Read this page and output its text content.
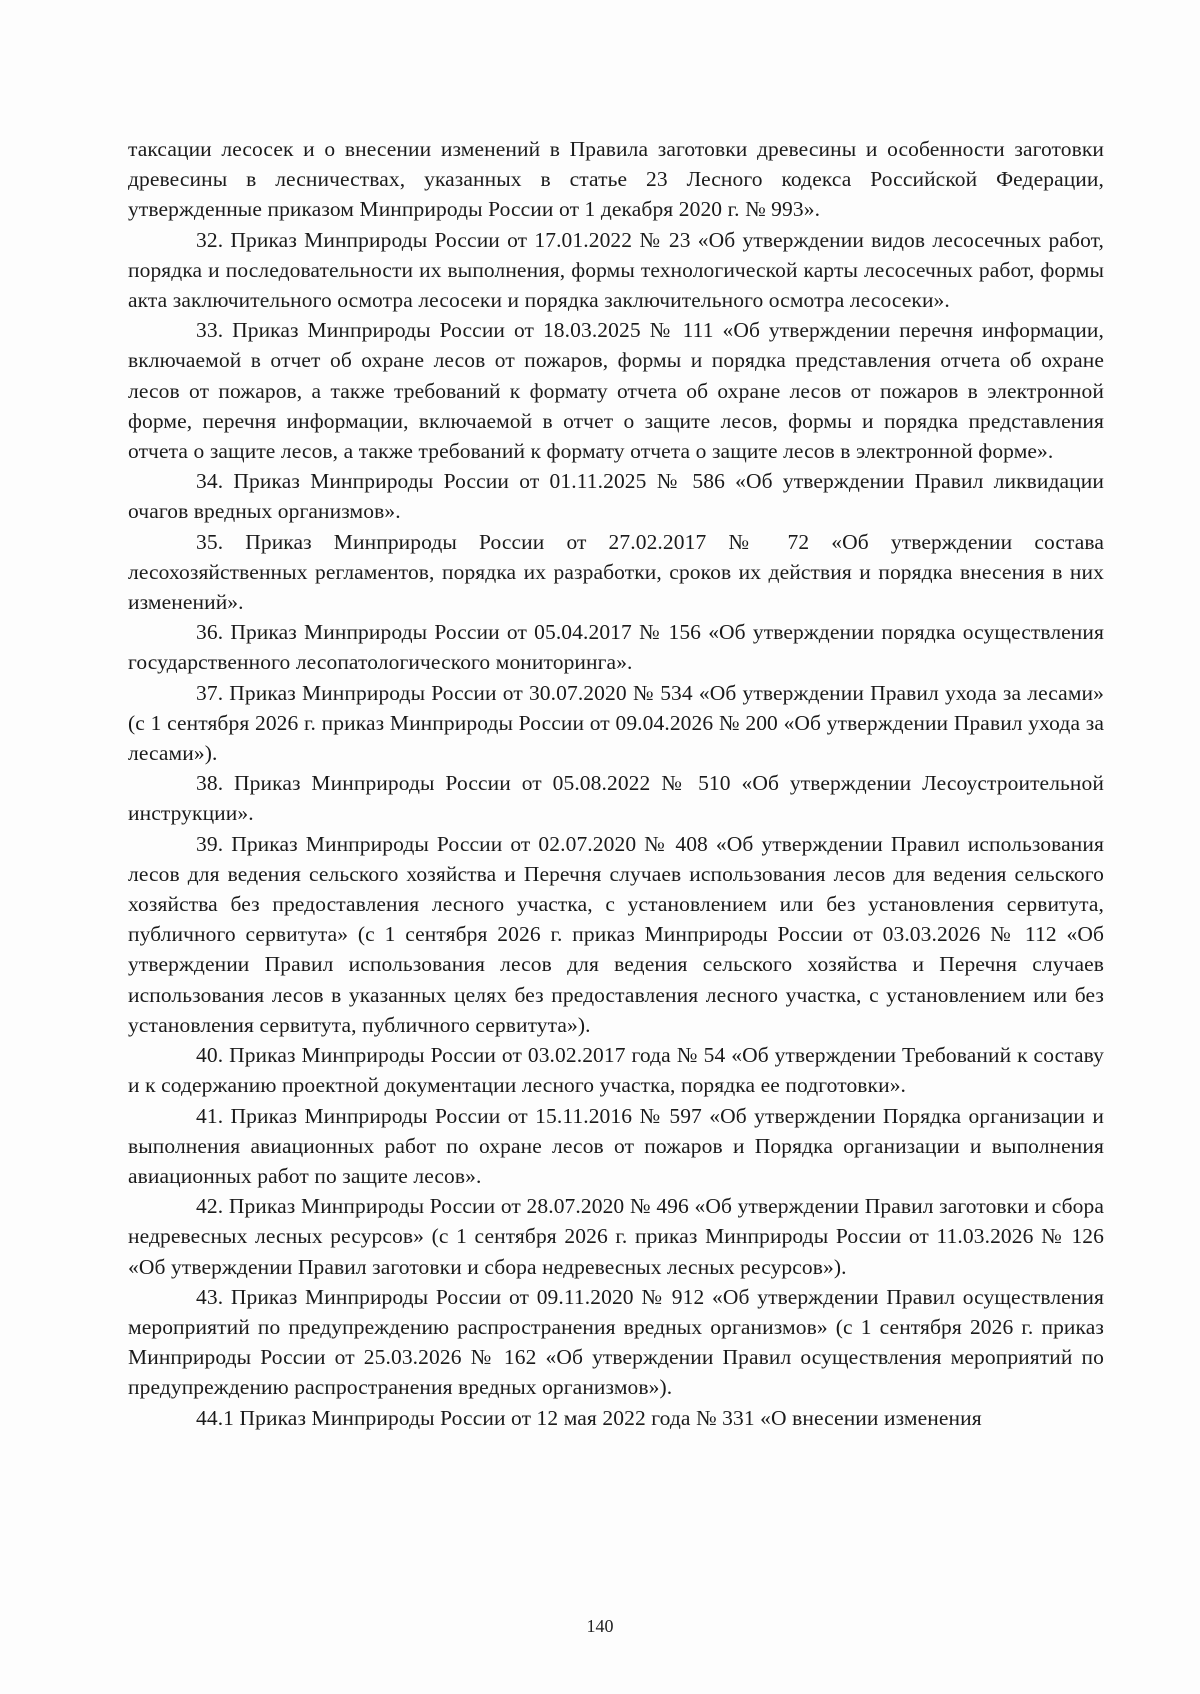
таксации лесосек и о внесении изменений в Правила заготовки древесины и особенности заготовки древесины в лесничествах, указанных в статье 23 Лесного кодекса Российской Федерации, утвержденные приказом Минприроды России от 1 декабря 2020 г. № 993».

32. Приказ Минприроды России от 17.01.2022 № 23 «Об утверждении видов лесосечных работ, порядка и последовательности их выполнения, формы технологической карты лесосечных работ, формы акта заключительного осмотра лесосеки и порядка заключительного осмотра лесосеки».

33. Приказ Минприроды России от 18.03.2025 № 111 «Об утверждении перечня информации, включаемой в отчет об охране лесов от пожаров, формы и порядка представления отчета об охране лесов от пожаров, а также требований к формату отчета об охране лесов от пожаров в электронной форме, перечня информации, включаемой в отчет о защите лесов, формы и порядка представления отчета о защите лесов, а также требований к формату отчета о защите лесов в электронной форме».

34. Приказ Минприроды России от 01.11.2025 № 586 «Об утверждении Правил ликвидации очагов вредных организмов».

35. Приказ Минприроды России от 27.02.2017 № 72 «Об утверждении состава лесохозяйственных регламентов, порядка их разработки, сроков их действия и порядка внесения в них изменений».

36. Приказ Минприроды России от 05.04.2017 № 156 «Об утверждении порядка осуществления государственного лесопатологического мониторинга».

37. Приказ Минприроды России от 30.07.2020 № 534 «Об утверждении Правил ухода за лесами» (с 1 сентября 2026 г. приказ Минприроды России от 09.04.2026 № 200 «Об утверждении Правил ухода за лесами»).

38. Приказ Минприроды России от 05.08.2022 № 510 «Об утверждении Лесоустроительной инструкции».

39. Приказ Минприроды России от 02.07.2020 № 408 «Об утверждении Правил использования лесов для ведения сельского хозяйства и Перечня случаев использования лесов для ведения сельского хозяйства без предоставления лесного участка, с установлением или без установления сервитута, публичного сервитута» (с 1 сентября 2026 г. приказ Минприроды России от 03.03.2026 № 112 «Об утверждении Правил использования лесов для ведения сельского хозяйства и Перечня случаев использования лесов в указанных целях без предоставления лесного участка, с установлением или без установления сервитута, публичного сервитута»).

40. Приказ Минприроды России от 03.02.2017 года № 54 «Об утверждении Требований к составу и к содержанию проектной документации лесного участка, порядка ее подготовки».

41. Приказ Минприроды России от 15.11.2016 № 597 «Об утверждении Порядка организации и выполнения авиационных работ по охране лесов от пожаров и Порядка организации и выполнения авиационных работ по защите лесов».

42. Приказ Минприроды России от 28.07.2020 № 496 «Об утверждении Правил заготовки и сбора недревесных лесных ресурсов» (с 1 сентября 2026 г. приказ Минприроды России от 11.03.2026 № 126 «Об утверждении Правил заготовки и сбора недревесных лесных ресурсов»).

43. Приказ Минприроды России от 09.11.2020 № 912 «Об утверждении Правил осуществления мероприятий по предупреждению распространения вредных организмов» (с 1 сентября 2026 г. приказ Минприроды России от 25.03.2026 № 162 «Об утверждении Правил осуществления мероприятий по предупреждению распространения вредных организмов»).

44.1 Приказ Минприроды России от 12 мая 2022 года № 331 «О внесении изменения

140
